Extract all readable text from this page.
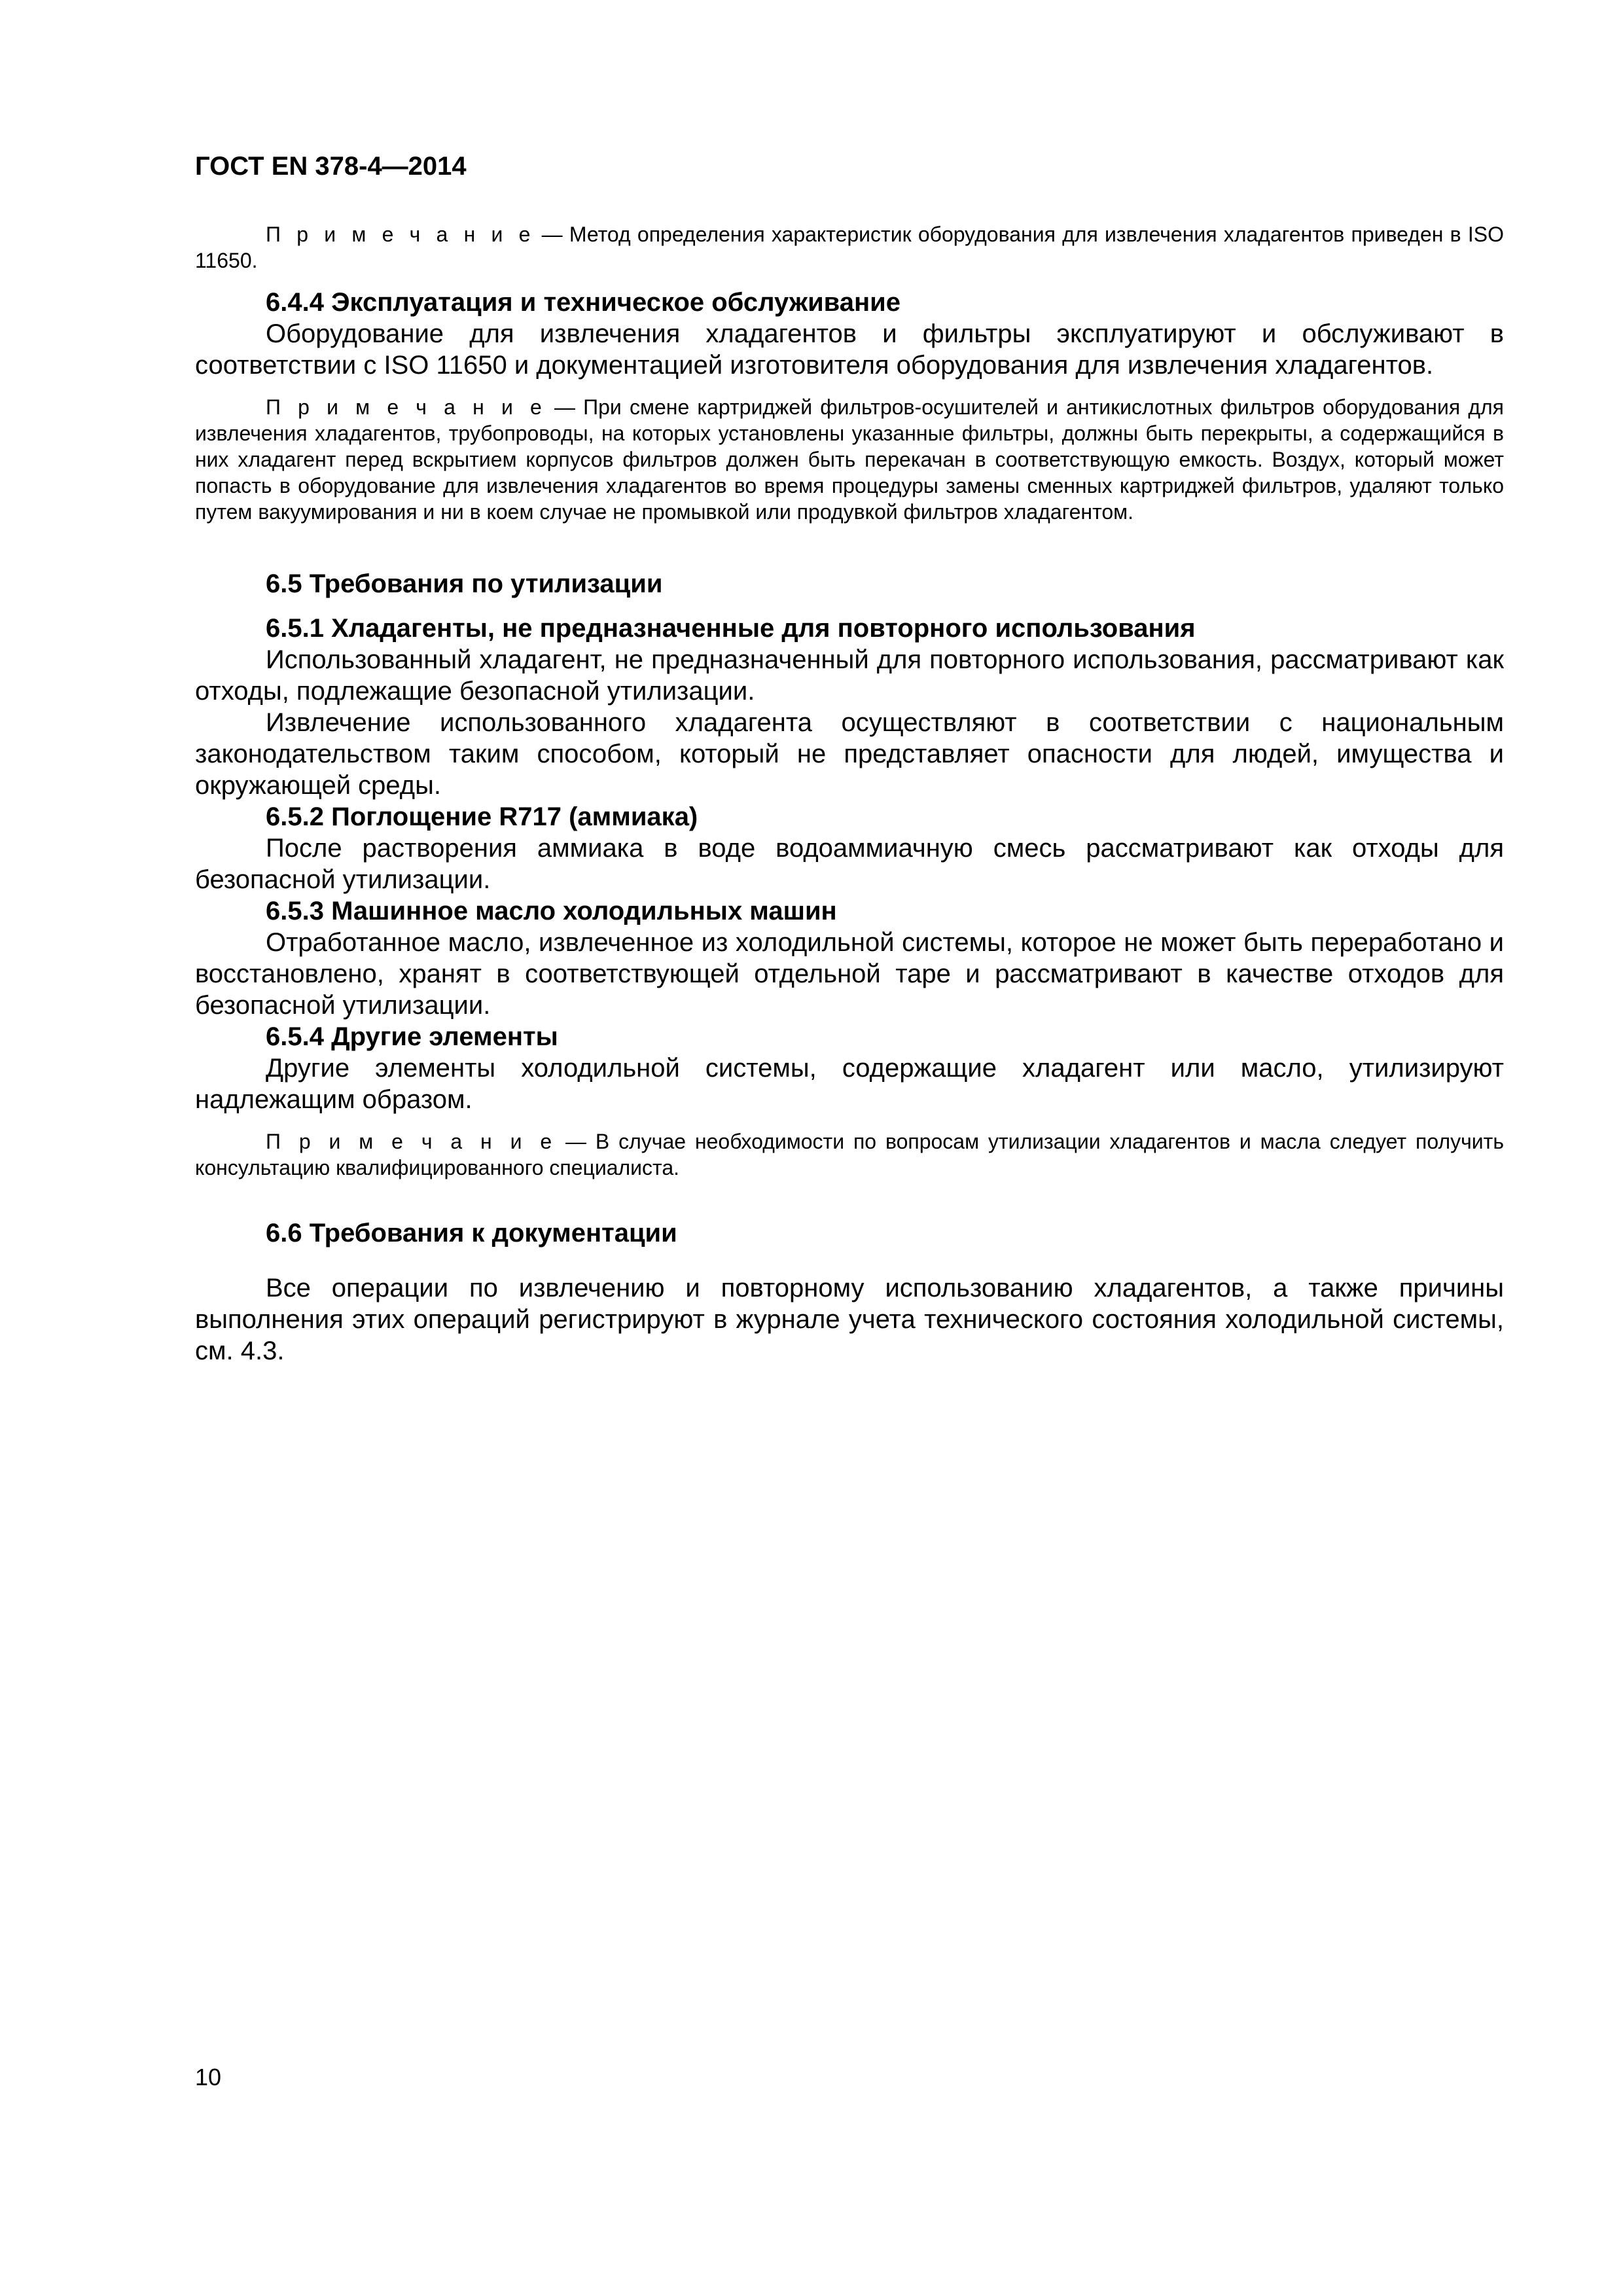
ГОСТ EN 378-4—2014

П р и м е ч а н и е — Метод определения характеристик оборудования для извлечения хладагентов приведен в ISO 11650.

6.4.4 Эксплуатация и техническое обслуживание

Оборудование для извлечения хладагентов и фильтры эксплуатируют и обслуживают в соответствии с ISO 11650 и документацией изготовителя оборудования для извлечения хладагентов.

П р и м е ч а н и е — При смене картриджей фильтров-осушителей и антикислотных фильтров оборудования для извлечения хладагентов, трубопроводы, на которых установлены указанные фильтры, должны быть перекрыты, а содержащийся в них хладагент перед вскрытием корпусов фильтров должен быть перекачан в соответствующую емкость. Воздух, который может попасть в оборудование для извлечения хладагентов во время процедуры замены сменных картриджей фильтров, удаляют только путем вакуумирования и ни в коем случае не промывкой или продувкой фильтров хладагентом.

6.5 Требования по утилизации

6.5.1 Хладагенты, не предназначенные для повторного использования

Использованный хладагент, не предназначенный для повторного использования, рассматривают как отходы, подлежащие безопасной утилизации.

Извлечение использованного хладагента осуществляют в соответствии с национальным законодательством таким способом, который не представляет опасности для людей, имущества и окружающей среды.

6.5.2 Поглощение R717 (аммиака)

После растворения аммиака в воде водоаммиачную смесь рассматривают как отходы для безопасной утилизации.

6.5.3 Машинное масло холодильных машин

Отработанное масло, извлеченное из холодильной системы, которое не может быть переработано и восстановлено, хранят в соответствующей отдельной таре и рассматривают в качестве отходов для безопасной утилизации.

6.5.4 Другие элементы

Другие элементы холодильной системы, содержащие хладагент или масло, утилизируют надлежащим образом.

П р и м е ч а н и е — В случае необходимости по вопросам утилизации хладагентов и масла следует получить консультацию квалифицированного специалиста.

6.6 Требования к документации

Все операции по извлечению и повторному использованию хладагентов, а также причины выполнения этих операций регистрируют в журнале учета технического состояния холодильной системы, см. 4.3.

10
